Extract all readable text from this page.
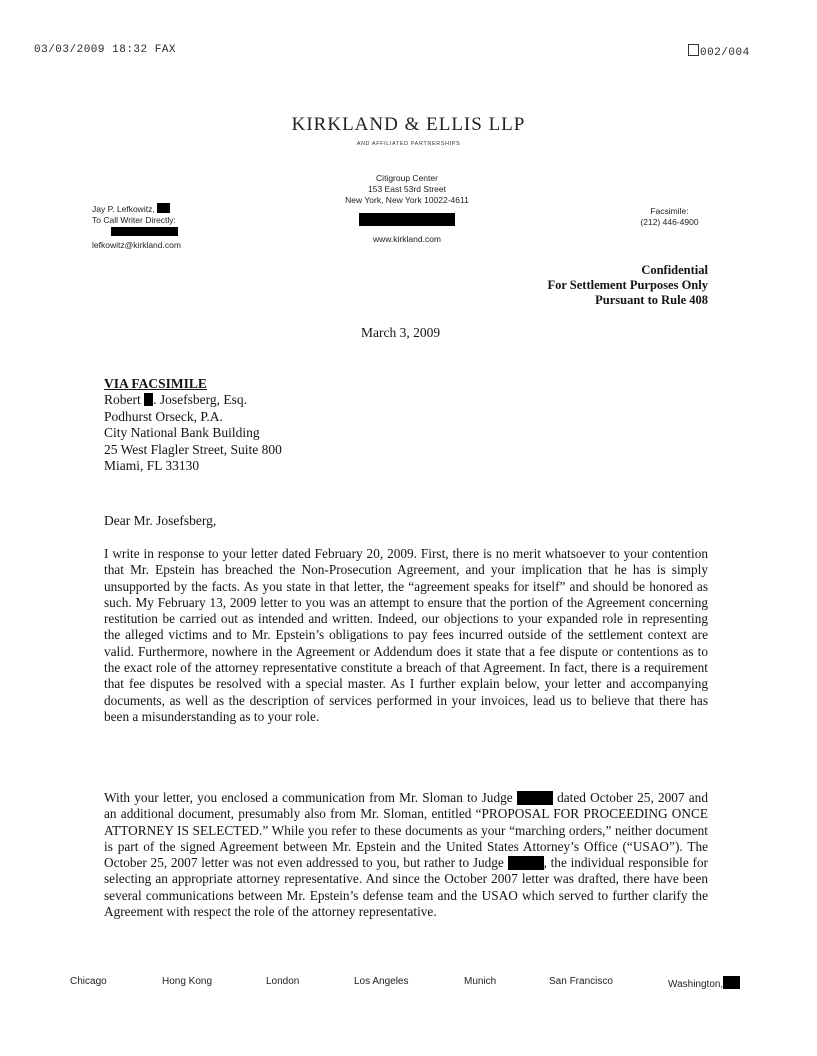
03/03/2009 18:32 FAX	002/004
KIRKLAND & ELLIS LLP
AND AFFILIATED PARTNERSHIPS
Jay P. Lefkowitz,
To Call Writer Directly:
lefkowitz@kirkland.com
Citigroup Center
153 East 53rd Street
New York, New York 10022-4611
www.kirkland.com
Facsimile:
(212) 446-4900
Confidential
For Settlement Purposes Only
Pursuant to Rule 408
March 3, 2009
VIA FACSIMILE
Robert . Josefsberg, Esq.
Podhurst Orseck, P.A.
City National Bank Building
25 West Flagler Street, Suite 800
Miami, FL 33130
Dear Mr. Josefsberg,
I write in response to your letter dated February 20, 2009. First, there is no merit whatsoever to your contention that Mr. Epstein has breached the Non-Prosecution Agreement, and your implication that he has is simply unsupported by the facts. As you state in that letter, the “agreement speaks for itself” and should be honored as such. My February 13, 2009 letter to you was an attempt to ensure that the portion of the Agreement concerning restitution be carried out as intended and written. Indeed, our objections to your expanded role in representing the alleged victims and to Mr. Epstein’s obligations to pay fees incurred outside of the settlement context are valid. Furthermore, nowhere in the Agreement or Addendum does it state that a fee dispute or contentions as to the exact role of the attorney representative constitute a breach of that Agreement. In fact, there is a requirement that fee disputes be resolved with a special master. As I further explain below, your letter and accompanying documents, as well as the description of services performed in your invoices, lead us to believe that there has been a misunderstanding as to your role.
With your letter, you enclosed a communication from Mr. Sloman to Judge	dated October 25, 2007 and an additional document, presumably also from Mr. Sloman, entitled “PROPOSAL FOR PROCEEDING ONCE ATTORNEY IS SELECTED.” While you refer to these documents as your “marching orders,” neither document is part of the signed Agreement between Mr. Epstein and the United States Attorney’s Office (“USAO”). The October 25, 2007 letter was not even addressed to you, but rather to Judge	, the individual responsible for selecting an appropriate attorney representative. And since the October 2007 letter was drafted, there have been several communications between Mr. Epstein’s defense team and the USAO which served to further clarify the Agreement with respect the role of the attorney representative.
Chicago	Hong Kong	London	Los Angeles	Munich	San Francisco	Washington,
